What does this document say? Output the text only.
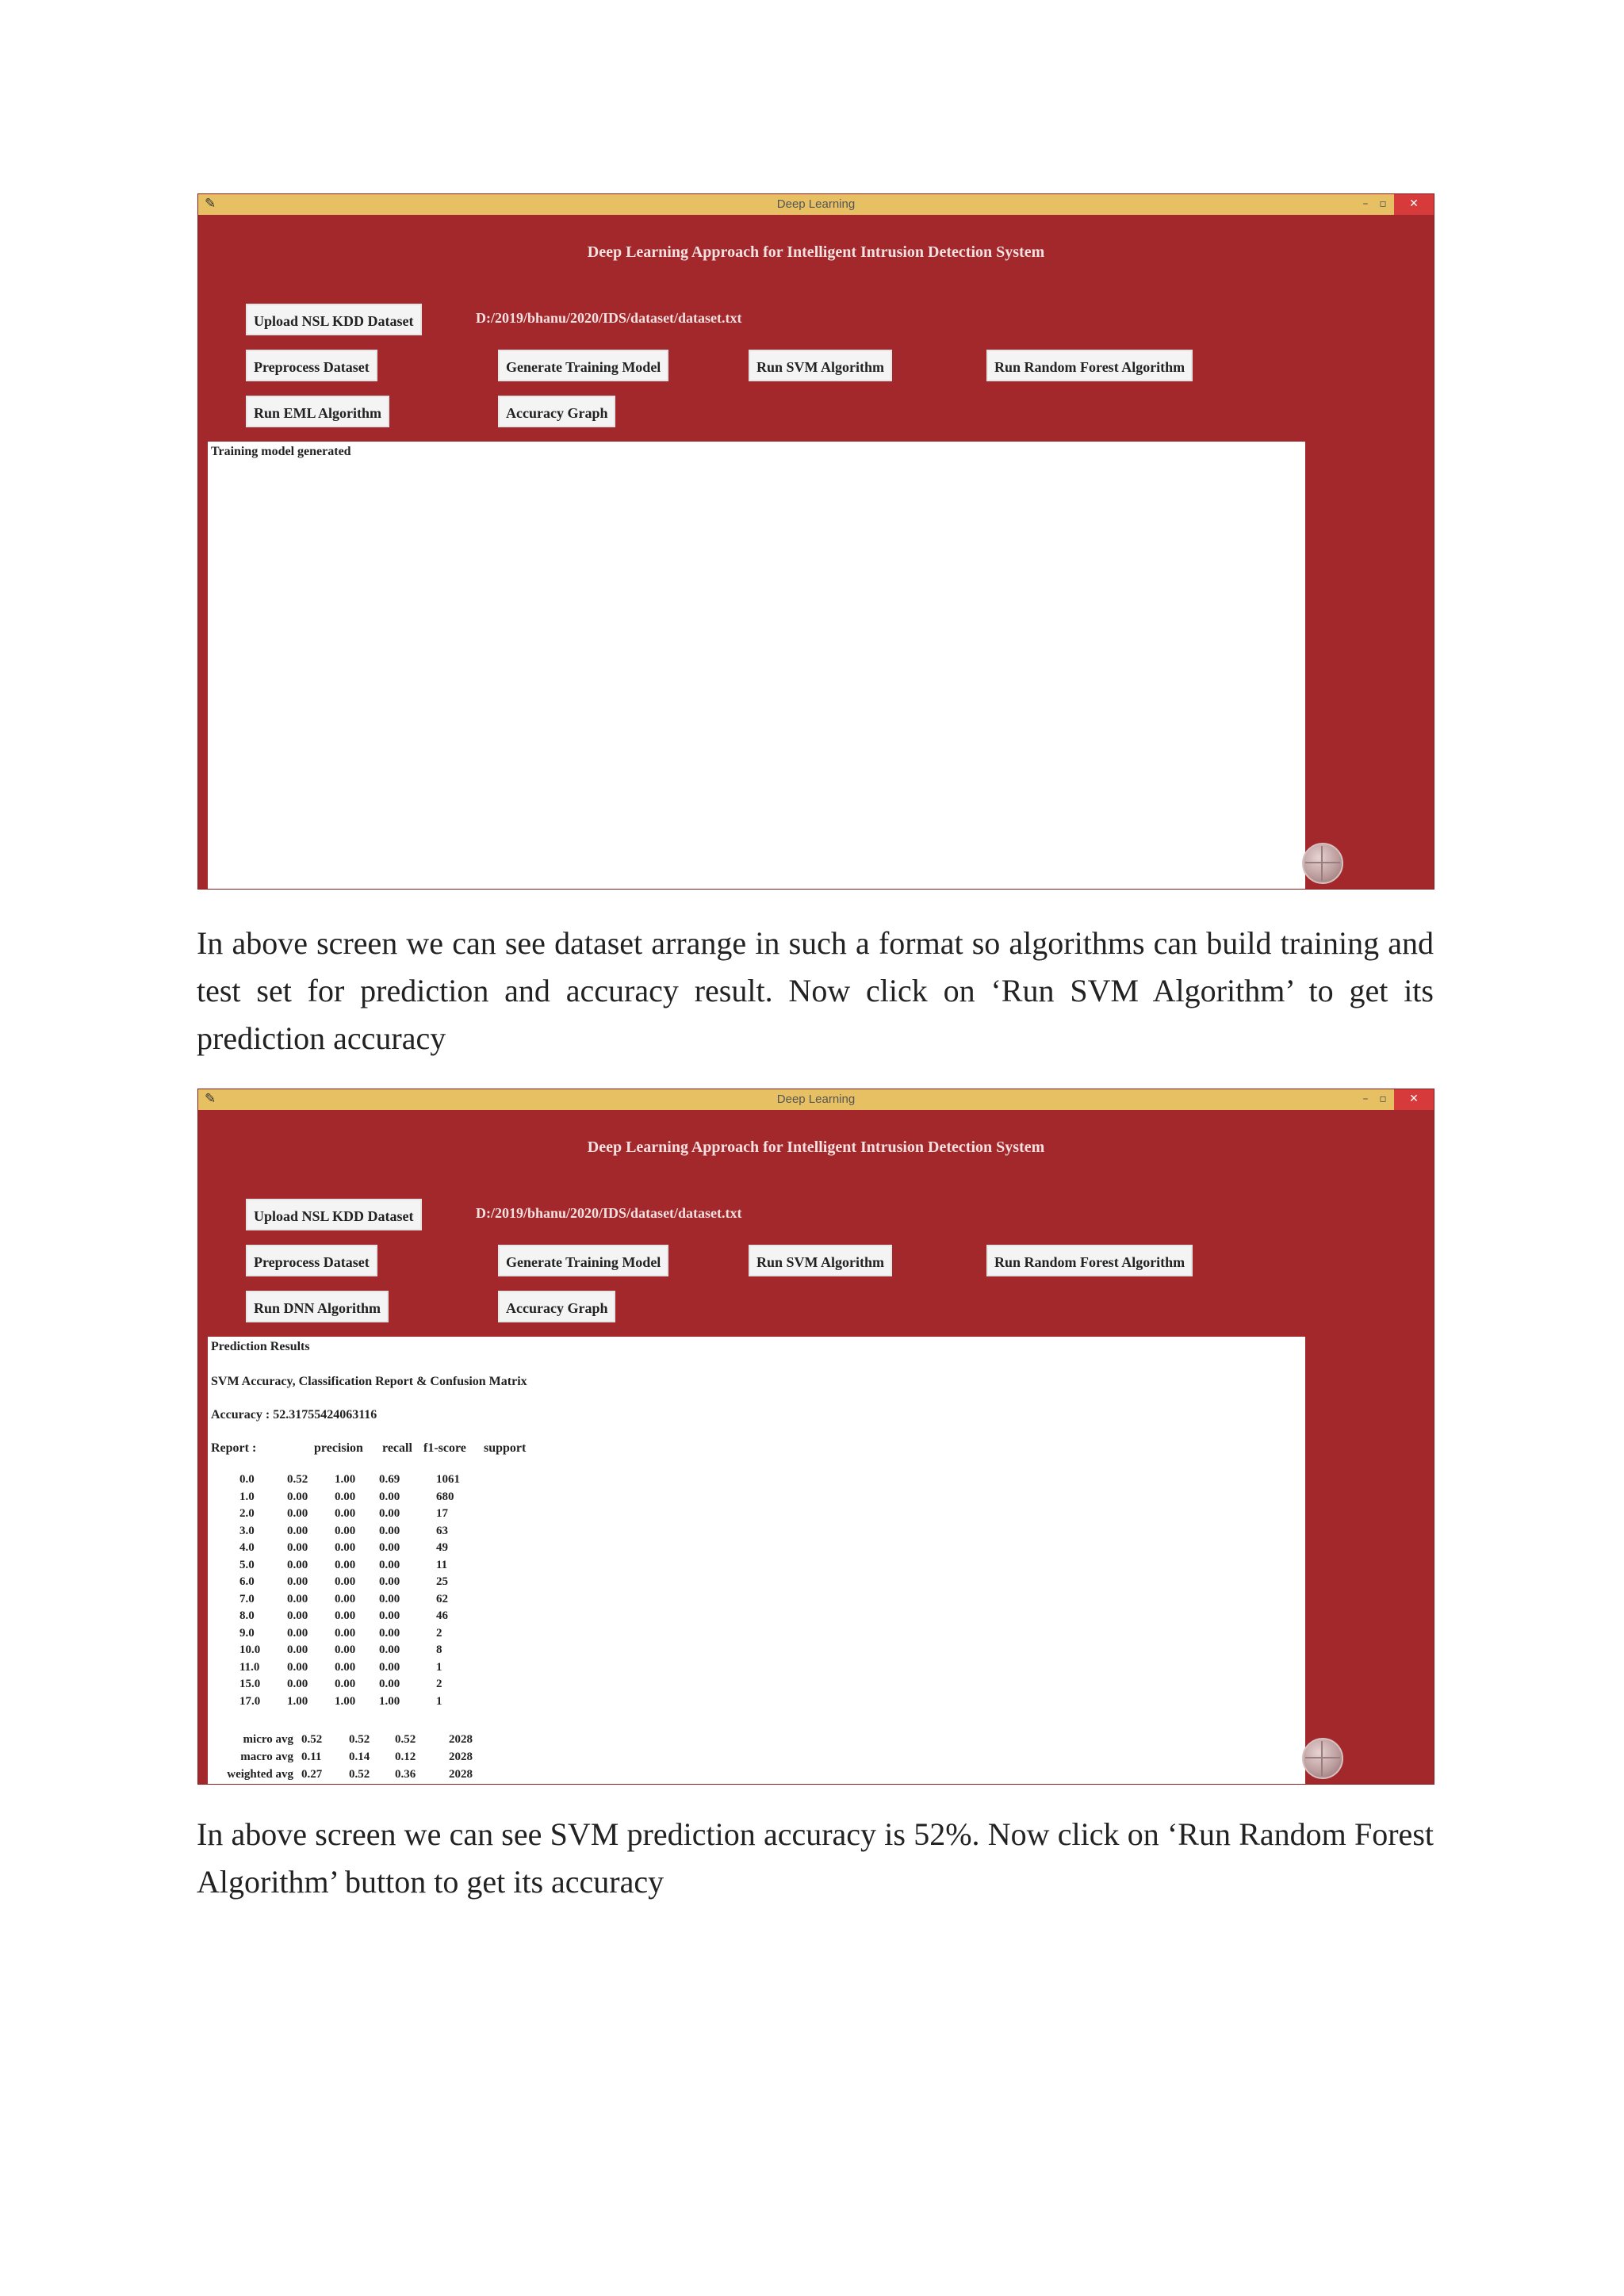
✎	Deep Learning	– ▫	✕
Deep Learning Approach for Intelligent Intrusion Detection System
Upload NSL KDD Dataset	D:/2019/bhanu/2020/IDS/dataset/dataset.txt
Preprocess Dataset	Generate Training Model	Run SVM Algorithm	Run Random Forest Algorithm
Run EML Algorithm	Accuracy Graph
Training model generated
In above screen we can see dataset arrange in such a format so algorithms can build training and test set for prediction and accuracy result. Now click on ‘Run SVM Algorithm’ to get its prediction accuracy
✎	Deep Learning	– ▫	✕
Deep Learning Approach for Intelligent Intrusion Detection System
Upload NSL KDD Dataset	D:/2019/bhanu/2020/IDS/dataset/dataset.txt
Preprocess Dataset	Generate Training Model	Run SVM Algorithm	Run Random Forest Algorithm
Run DNN Algorithm	Accuracy Graph
Prediction Results
SVM Accuracy, Classification Report & Confusion Matrix
Accuracy : 52.31755424063116
Report :	precision recall f1-score support
0.0	0.52 1.00 0.69	1061
1.0	0.00 0.00 0.00	680
2.0	0.00 0.00 0.00	17
3.0	0.00 0.00 0.00	63
4.0	0.00 0.00 0.00	49
5.0	0.00 0.00 0.00	11
6.0	0.00 0.00 0.00	25
7.0	0.00 0.00 0.00	62
8.0	0.00 0.00 0.00	46
9.0	0.00 0.00 0.00	2
10.0 0.00 0.00 0.00	8
11.0 0.00 0.00 0.00	1
15.0 0.00 0.00 0.00	2
17.0 1.00 1.00 1.00	1
micro avg 0.52 0.52 0.52	2028
macro avg 0.11 0.14 0.12	2028
weighted avg 0.27 0.52 0.36	2028
In above screen we can see SVM prediction accuracy is 52%. Now click on ‘Run Random Forest Algorithm’ button to get its accuracy
